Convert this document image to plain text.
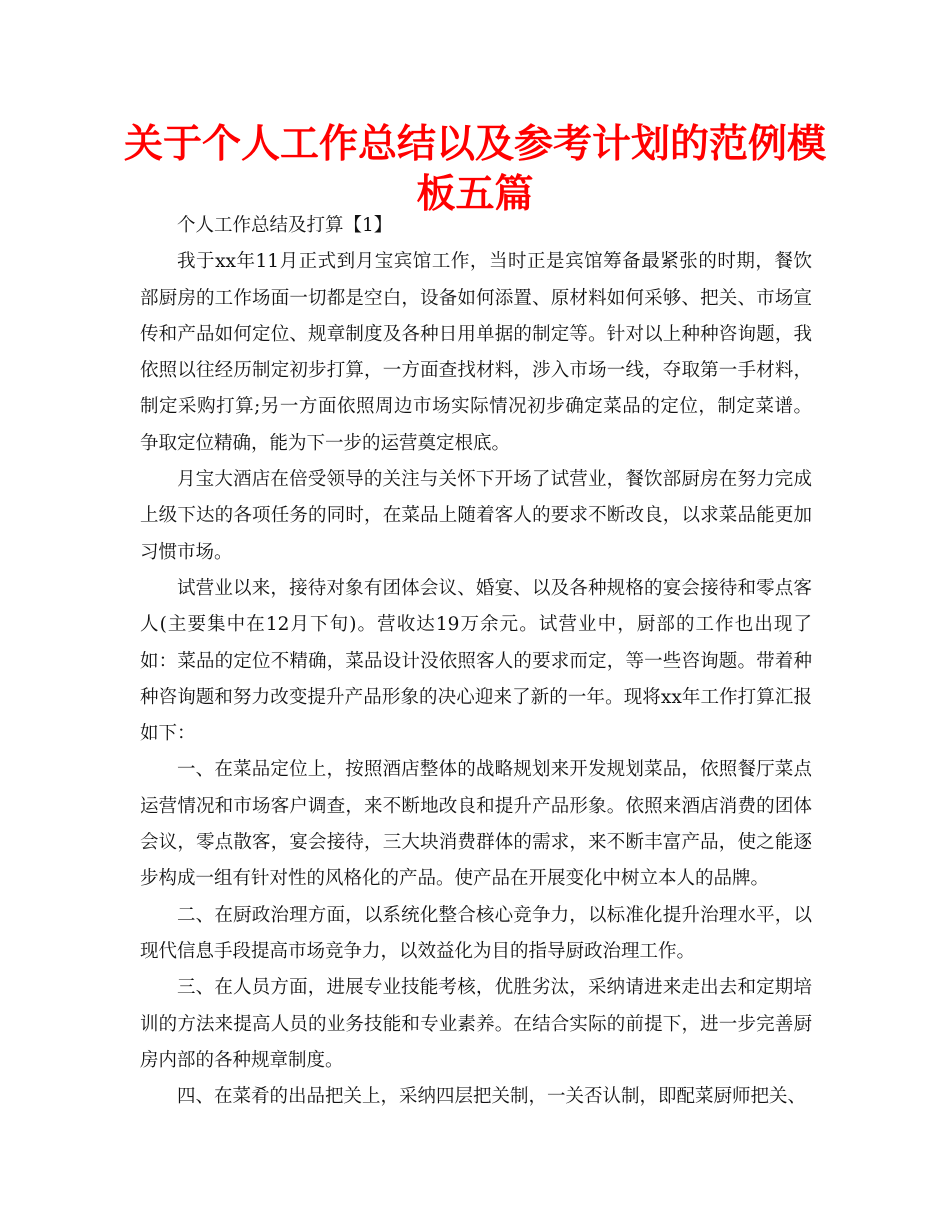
关于个人工作总结以及参考计划的范例模
板五篇

个人工作总结及打算【1】

我于xx年11月正式到月宝宾馆工作，当时正是宾馆筹备最紧张的时期，餐饮部厨房的工作场面一切都是空白，设备如何添置、原材料如何采够、把关、市场宣传和产品如何定位、规章制度及各种日用单据的制定等。针对以上种种咨询题，我依照以往经历制定初步打算，一方面查找材料，涉入市场一线，夺取第一手材料，制定采购打算;另一方面依照周边市场实际情况初步确定菜品的定位，制定菜谱。争取定位精确，能为下一步的运营奠定根底。

月宝大酒店在倍受领导的关注与关怀下开场了试营业，餐饮部厨房在努力完成上级下达的各项任务的同时，在菜品上随着客人的要求不断改良，以求菜品能更加习惯市场。

试营业以来，接待对象有团体会议、婚宴、以及各种规格的宴会接待和零点客人(主要集中在12月下旬)。营收达19万余元。试营业中，厨部的工作也出现了如：菜品的定位不精确，菜品设计没依照客人的要求而定，等一些咨询题。带着种种咨询题和努力改变提升产品形象的决心迎来了新的一年。现将xx年工作打算汇报如下：

一、在菜品定位上，按照酒店整体的战略规划来开发规划菜品，依照餐厅菜点运营情况和市场客户调查，来不断地改良和提升产品形象。依照来酒店消费的团体会议，零点散客，宴会接待，三大块消费群体的需求，来不断丰富产品，使之能逐步构成一组有针对性的风格化的产品。使产品在开展变化中树立本人的品牌。

二、在厨政治理方面，以系统化整合核心竞争力，以标准化提升治理水平，以现代信息手段提高市场竞争力，以效益化为目的指导厨政治理工作。

三、在人员方面，进展专业技能考核，优胜劣汰，采纳请进来走出去和定期培训的方法来提高人员的业务技能和专业素养。在结合实际的前提下，进一步完善厨房内部的各种规章制度。

四、在菜肴的出品把关上，采纳四层把关制，一关否认制，即配菜厨师把关、
